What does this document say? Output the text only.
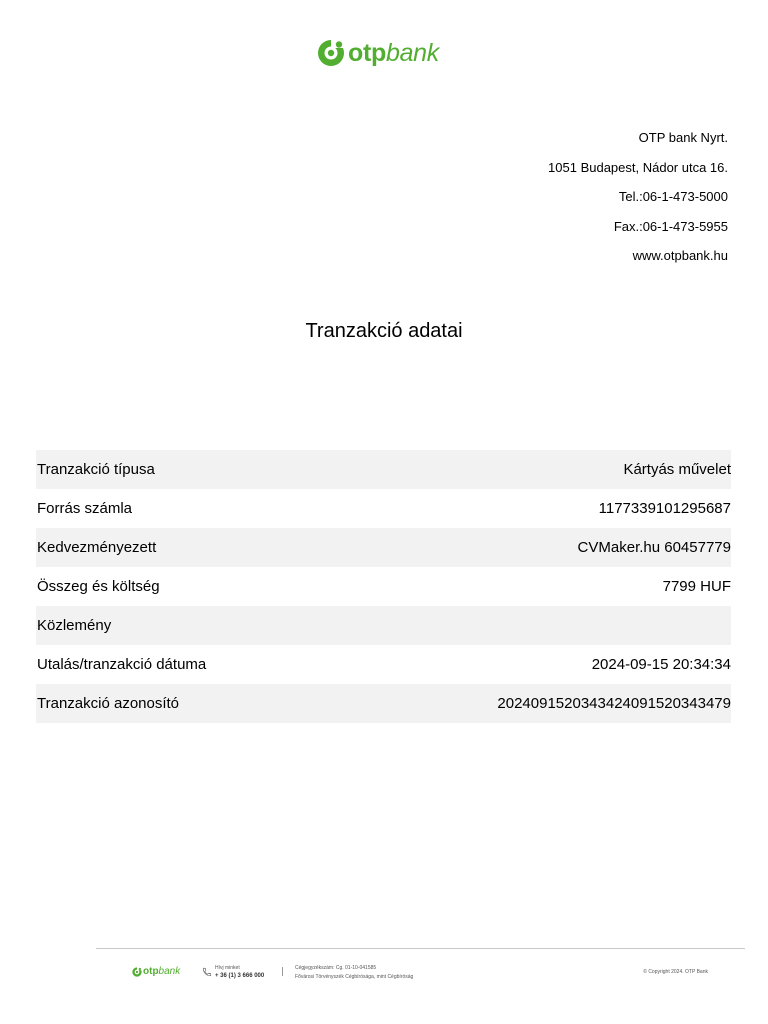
otpbank
OTP bank Nyrt.
1051 Budapest, Nádor utca 16.
Tel.:06-1-473-5000
Fax.:06-1-473-5955
www.otpbank.hu
Tranzakció adatai
Tranzakció típusa	Kártyás művelet
Forrás számla	1177339101295687
Kedvezményezett	CVMaker.hu 60457779
Összeg és költség	7799 HUF
Közlemény
Utalás/tranzakció dátuma	2024-09-15 20:34:34
Tranzakció azonosító	20240915203434240915203434​79
otpbank	Hívj minket
+ 36 (1) 3 666 000
Cégjegyzékszám: Cg. 01-10-041585
Fővárosi Törvényszék Cégbírósága, mint Cégbíróság
© Copyright 2024. OTP Bank
